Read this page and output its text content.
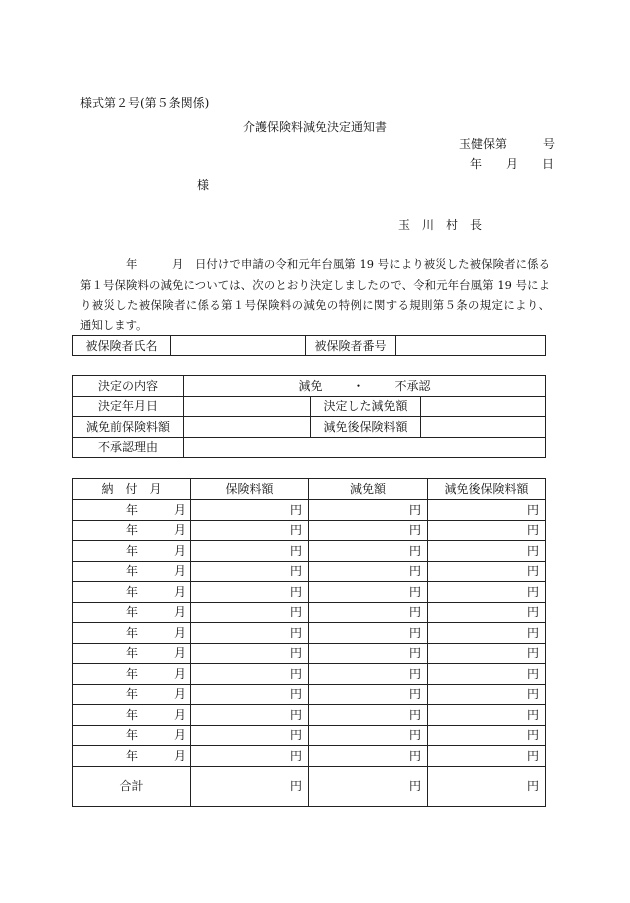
様式第２号(第５条関係)
介護保険料減免決定通知書
玉健保第　　　号
年　　月　　日
様
玉　川　村　長
年　　　月　日付けで申請の令和元年台風第 19 号により被災した被保険者に係る
第１号保険料の減免については、次のとおり決定しましたので、令和元年台風第 19 号によ
り被災した被保険者に係る第１号保険料の減免の特例に関する規則第５条の規定により、
通知します。
被保険者氏名		被保険者番号	
決定の内容	減免 ・ 不承認		
決定年月日		決定した減免額	
減免前保険料額		減免後保険料額	
不承認理由			
納　付　月	保険料額	減免額	減免後保険料額
年　　　月	円	円	円
年　　　月	円	円	円
年　　　月	円	円	円
年　　　月	円	円	円
年　　　月	円	円	円
年　　　月	円	円	円
年　　　月	円	円	円
年　　　月	円	円	円
年　　　月	円	円	円
年　　　月	円	円	円
年　　　月	円	円	円
年　　　月	円	円	円
年　　　月	円	円	円
合計	円	円	円
